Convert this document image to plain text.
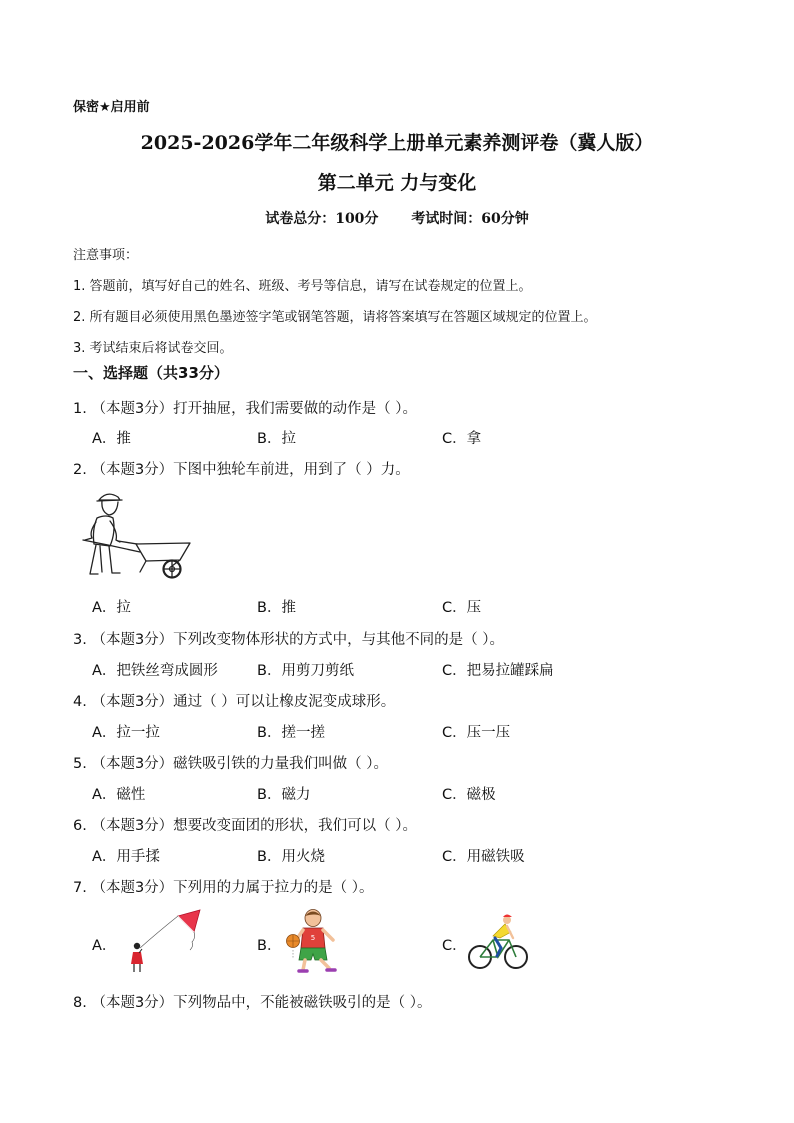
保密★启用前
2025-2026学年二年级科学上册单元素养测评卷（冀人版）
第二单元 力与变化
试卷总分：100分 考试时间：60分钟
注意事项：
1. 答题前，填写好自己的姓名、班级、考号等信息，请写在试卷规定的位置上。
2. 所有题目必须使用黑色墨迹签字笔或钢笔答题，请将答案填写在答题区域规定的位置上。
3. 考试结束后将试卷交回。
一、选择题（共33分）
1. （本题3分）打开抽屉，我们需要做的动作是（ ）。
A．推	B．拉	C．拿
2. （本题3分）下图中独轮车前进，用到了（ ）力。
A．拉	B．推	C．压
3. （本题3分）下列改变物体形状的方式中，与其他不同的是（ ）。
A．把铁丝弯成圆形	B．用剪刀剪纸	C．把易拉罐踩扁
4. （本题3分）通过（ ）可以让橡皮泥变成球形。
A．拉一拉	B．搓一搓	C．压一压
5. （本题3分）磁铁吸引铁的力量我们叫做（ ）。
A．磁性	B．磁力	C．磁极
6. （本题3分）想要改变面团的形状，我们可以（ ）。
A．用手揉	B．用火烧	C．用磁铁吸
7. （本题3分）下列用的力属于拉力的是（ ）。
A．	B．	5	C．
8. （本题3分）下列物品中，不能被磁铁吸引的是（ ）。
